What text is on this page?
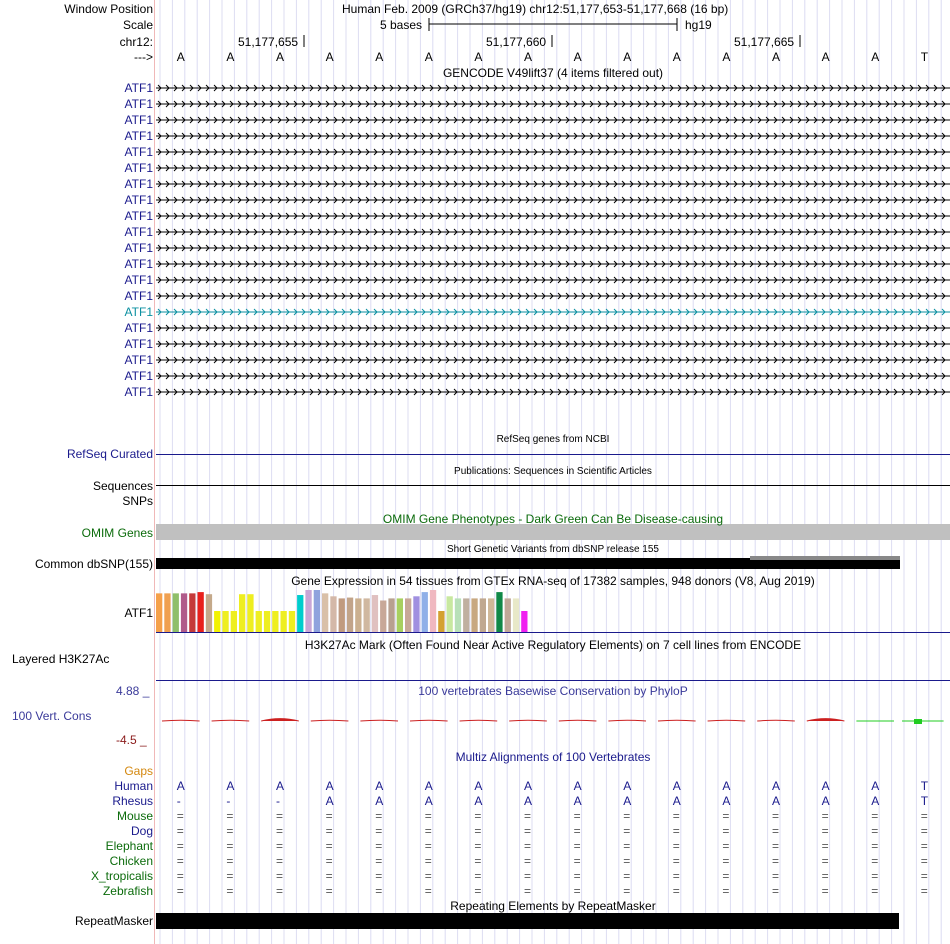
Window Position	Human Feb. 2009 (GRCh37/hg19) chr12:51,177,653-51,177,668 (16 bp)
Scale	5 bases	hg19
chr12:	51,177,655	51,177,660	51,177,665
---> A	A	A	A	A	A	A	A	A	A	A	A	A	A	A	T
GENCODE V49lift37 (4 items filtered out)
ATF1
ATF1
ATF1
ATF1
ATF1
ATF1
ATF1
ATF1
ATF1
ATF1
ATF1
ATF1
ATF1
ATF1
ATF1
ATF1
ATF1
ATF1
ATF1
ATF1
RefSeq genes from NCBI
RefSeq Curated
Publications: Sequences in Scientific Articles
Sequences
SNPs
OMIM Gene Phenotypes - Dark Green Can Be Disease-causing
OMIM Genes
Short Genetic Variants from dbSNP release 155
Common dbSNP(155)
Gene Expression in 54 tissues from GTEx RNA-seq of 17382 samples, 948 donors (V8, Aug 2019)
ATF1
H3K27Ac Mark (Often Found Near Active Regulatory Elements) on 7 cell lines from ENCODE
Layered H3K27Ac
100 vertebrates Basewise Conservation by PhyloP
4.88 _
100 Vert. Cons
-4.5 _
Multiz Alignments of 100 Vertebrates
Gaps
Human A	A	A	A	A	A	A	A	A	A	A	A	A	A	A	T
Rhesus -	-	-	A	A	A	A	A	A	A	A	A	A	A	A	T
Mouse =	=	=	=	=	=	=	=	=	=	=	=	=	=	=	=
Dog =	=	=	=	=	=	=	=	=	=	=	=	=	=	=	=
Elephant =	=	=	=	=	=	=	=	=	=	=	=	=	=	=	=
Chicken =	=	=	=	=	=	=	=	=	=	=	=	=	=	=	=
X_tropicalis =	=	=	=	=	=	=	=	=	=	=	=	=	=	=	=
Zebrafish =	=	=	=	=	=	=	=	=	=	=	=	=	=	=	=
RepeatMasker
Repeating Elements by RepeatMasker
